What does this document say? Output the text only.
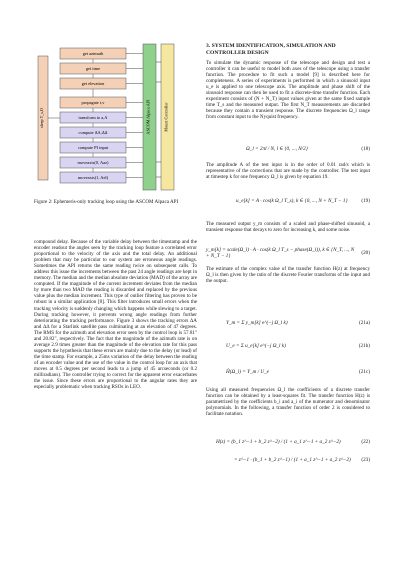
sleep T_s,O
get azimuth
get time
get elevation
propagate t,v
transform to a,A
compute ΔA,ΔΔ
compute PI input
moveaxis(0, Aaz)
moveaxis(1, Ael)
ASCOM Alpaca API	Mount Controller
Figure 2: Ephemeris-only tracking loop using the ASCOM Alpaca API

compound delay. Because of the variable delay between the timestamp and the encoder readout the angles seen by the tracking loop feature a correlated error proportional to the velocity of the axis and the total delay. An additional problem that may be particular to our system are erroneous angle readings. Sometimes the API returns the same reading twice on subsequent calls. To address this issue the increments between the past 24 angle readings are kept in memory. The median and the median absolute deviation (MAD) of the array are computed. If the magnitude of the current increment deviates from the median by more than two MAD the reading is discarded and replaced by the previous value plus the median increment. This type of outlier filtering has proven to be robust in a similar application [8]. This filter introduces small errors when the tracking velocity is suddenly changing which happens while slewing to a target. During tracking however, it prevents wrong angle readings from further deteriorating the tracking performance. Figure 3 shows the tracking errors ΔA and ΔΔ for a Starlink satellite pass culminating at an elevation of 47 degrees. The RMS for the azimuth and elevation error seen by the control loop is 57.81" and 20.82", respectively. The fact that the magnitude of the azimuth rate is on average 2.9 times greater than the magnitude of the elevation rate for this pass supports the hypothesis that these errors are mainly due to the delay (or lead) of the time stamp. For example, a 25ms variation of the delay between the reading of an encoder value and the use of the value in the control loop for an axis that moves at 0.5 degrees per second leads to a jump of 45 arcseconds (or 0.2 milliradians). The controller trying to correct for the apparent error exacerbates the issue. Since these errors are proportional to the angular rates they are especially problematic when tracking RSOs in LEO.

3. SYSTEM IDENTIFICATION, SIMULATION AND CONTROLLER DESIGN

To simulate the dynamic response of the telescope and design and test a controller it can be useful to model both axes of the telescope using a transfer function. The procedure to fit such a model [9] is described here for completeness. A series of experiments is performed in which a sinusoid input u_e is applied to one telescope axis. The amplitude and phase shift of the sinusoid response can then be used to fit a discrete-time transfer function. Each experiment consists of (N + N_T) input values given at the same fixed sample time T_s and the measured output. The first N_T measurements are discarded because they contain a transient response. The discrete frequencies Ω_l range from constant input to the Nyquist frequency.

Ω_l = 2πl / N, l ∈ {0, ..., N/2}	(18)

The amplitude A of the test input is in the order of 0.01 rad/s which is representative of the corrections that are made by the controller. The test input at timestep k for one frequency Ω_l is given by equation 19.

u_e[k] = A · cos(k Ω_l T_s), k ∈ {0, ..., N + N_T − 1}	(19)

The measured output y_m consists of a scaled and phase-shifted sinusoid, a transient response that decays to zero for increasing k, and some noise.

y_m[k] = scale(Ω_l) · A · cos(k Ω_l T_s − phase(Ω_l)), k ∈ {N_T, ..., N + N_T − 1}	(20)

The estimate of the complex value of the transfer function H(z) at frequency Ω_l is then given by the ratio of the discrete Fourier transforms of the input and the output.

Y_m = Σ y_m[k] e^(−j Ω_l k)	(21a)
U_e = Σ u_e[k] e^(−j Ω_l k)	(21b)
Ĥ(Ω_l) = Y_m / U_e	(21c)

Using all measured frequencies Ω_l the coefficients of a discrete transfer function can be obtained by a least-squares fit. The transfer function H(z) is parametrized by the coefficients b_i and a_i of the numerator and denominator polynomials. In the following, a transfer function of order 2 is considered to facilitate notation.

H(z) = (b_1 z^−1 + b_2 z^−2) / (1 + a_1 z^−1 + a_2 z^−2)	(22)
= z^−1 · (b_1 + b_2 z^−1) / (1 + a_1 z^−1 + a_2 z^−2) (23)
